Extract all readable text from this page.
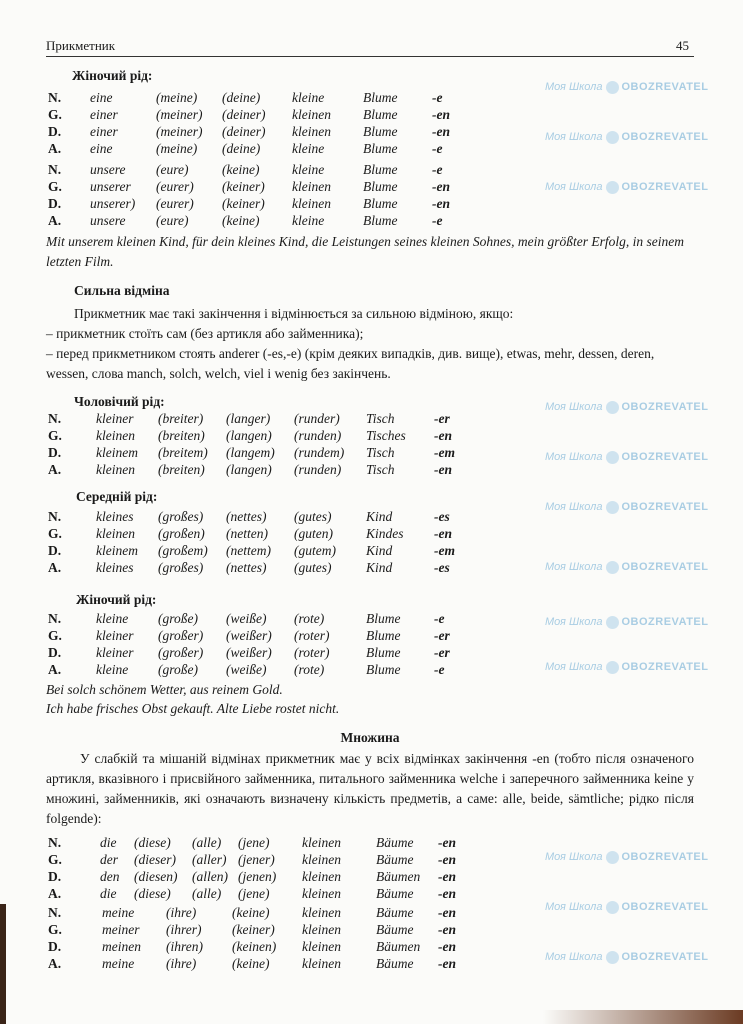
Прикметник	45
Жіночий рід:
N. eine	(meine) (deine) kleine	Blume	-e
G. einer	(meiner) (deiner) kleinen Blume	-en
D. einer	(meiner) (deiner) kleinen Blume	-en
A. eine	(meine) (deine) kleine	Blume	-e
N. unsere (eure) (keine) kleine	Blume	-e
G. unserer (eurer) (keiner) kleinen Blume	-en
D. unserer) (eurer) (keiner) kleinen Blume	-en
A. unsere (eure) (keine) kleine	Blume	-e
Mit unserem kleinen Kind, für dein kleines Kind, die Leistungen seines kleinen Sohnes, mein größter Erfolg, in seinem letzten Film.
Сильна відміна
Прикметник має такі закінчення і відмінюється за сильною відміною, якщо:
– прикметник стоїть сам (без артикля або займенника);
– перед прикметником стоять anderer (-es,-e) (крім деяких випадків, див. вище), etwas, mehr, dessen, deren, wessen, слова manch, solch, welch, viel i wenig без закінчень.
Чоловічий рід:
N.	kleiner (breiter) (langer) (runder) Tisch	-er
G.	kleinen (breiten) (langen) (runden) Tisches -en
D.	kleinem (breitem) (langem) (rundem) Tisch	-em
A.	kleinen (breiten) (langen) (runden) Tisch	-en
Середній рід:
N.	kleines (großes) (nettes) (gutes)	Kind	-es
G.	kleinen (großen) (netten) (guten) Kindes -en
D.	kleinem (großem) (nettem) (gutem) Kind	-em
A.	kleines (großes) (nettes) (gutes)	Kind	-es
Жіночий рід:
N.	kleine (große) (weiße) (rote)	Blume -e
G.	kleiner (großer) (weißer) (roter)	Blume -er
D.	kleiner (großer) (weißer) (roter)	Blume -er
A.	kleine (große) (weiße) (rote)	Blume -e
Bei solch schönem Wetter, aus reinem Gold.
Ich habe frisches Obst gekauft. Alte Liebe rostet nicht.
Множина
У слабкій та мішаній відмінах прикметник має у всіх відмінках закінчення -en (тобто після означеного артикля, вказівного і присвійного займенника, питального займенника welche і заперечного займенника keine у множині, займенників, які означають визначену кількість предметів, а саме: alle, beide, sämtliche; рідко після folgende):
N.	die (diese) (alle) (jene) kleinen	Bäume -en
G.	der (dieser) (aller) (jener) kleinen	Bäume -en
D.	den (diesen) (allen) (jenen) kleinen	Bäumen -en
A.	die (diese) (alle) (jene) kleinen	Bäume -en
N.	meine (ihre)	(keine) kleinen	Bäume -en
G.	meiner (ihrer) (keiner) kleinen	Bäume -en
D.	meinen (ihren) (keinen) kleinen	Bäumen -en
A.	meine (ihre)	(keine) kleinen	Bäume -en
Моя Школа OBOZREVATEL
Моя Школа OBOZREVATEL
Моя Школа OBOZREVATEL
Моя Школа OBOZREVATEL
Моя Школа OBOZREVATEL
Моя Школа OBOZREVATEL
Моя Школа OBOZREVATEL
Моя Школа OBOZREVATEL
Моя Школа OBOZREVATEL
Моя Школа OBOZREVATEL
Моя Школа OBOZREVATEL
Моя Школа OBOZREVATEL
